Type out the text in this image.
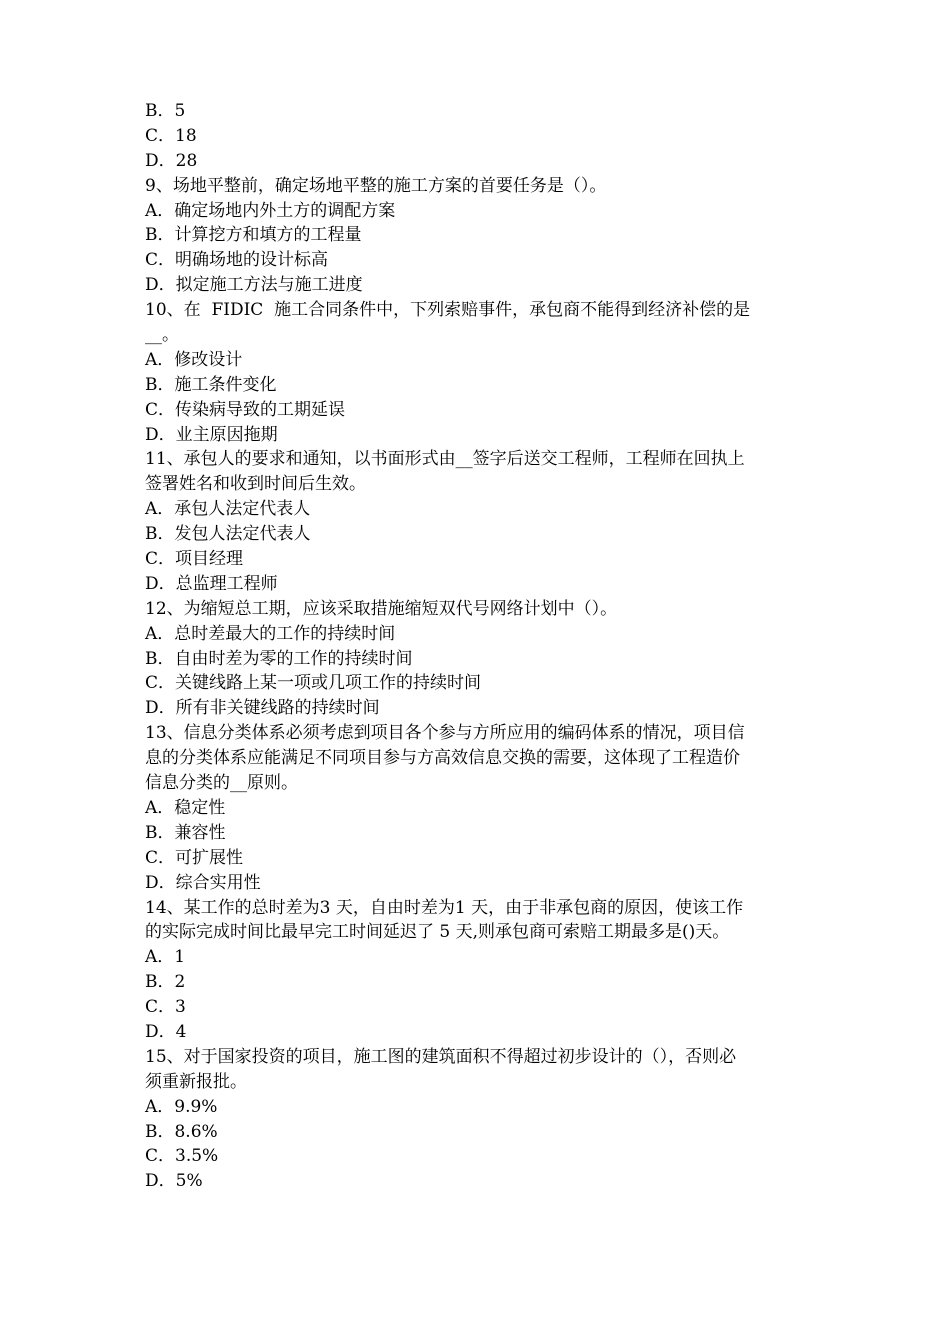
B．5
C．18
D．28
9、场地平整前，确定场地平整的施工方案的首要任务是（）。
A．确定场地内外土方的调配方案
B．计算挖方和填方的工程量
C．明确场地的设计标高
D．拟定施工方法与施工进度
10、在  FIDIC  施工合同条件中，下列索赔事件，承包商不能得到经济补偿的是
__。
A．修改设计
B．施工条件变化
C．传染病导致的工期延误
D．业主原因拖期
11、承包人的要求和通知，以书面形式由__签字后送交工程师，工程师在回执上
签署姓名和收到时间后生效。
A．承包人法定代表人
B．发包人法定代表人
C．项目经理
D．总监理工程师
12、为缩短总工期，应该采取措施缩短双代号网络计划中（）。
A．总时差最大的工作的持续时间
B．自由时差为零的工作的持续时间
C．关键线路上某一项或几项工作的持续时间
D．所有非关键线路的持续时间
13、信息分类体系必须考虑到项目各个参与方所应用的编码体系的情况，项目信
息的分类体系应能满足不同项目参与方高效信息交换的需要，这体现了工程造价
信息分类的__原则。
A．稳定性
B．兼容性
C．可扩展性
D．综合实用性
14、某工作的总时差为3 天，自由时差为1 天，由于非承包商的原因，使该工作
的实际完成时间比最早完工时间延迟了 5 天,则承包商可索赔工期最多是()天。
A．1
B．2
C．3
D．4
15、对于国家投资的项目，施工图的建筑面积不得超过初步设计的（），否则必
须重新报批。
A．9.9%
B．8.6%
C．3.5%
D．5%
